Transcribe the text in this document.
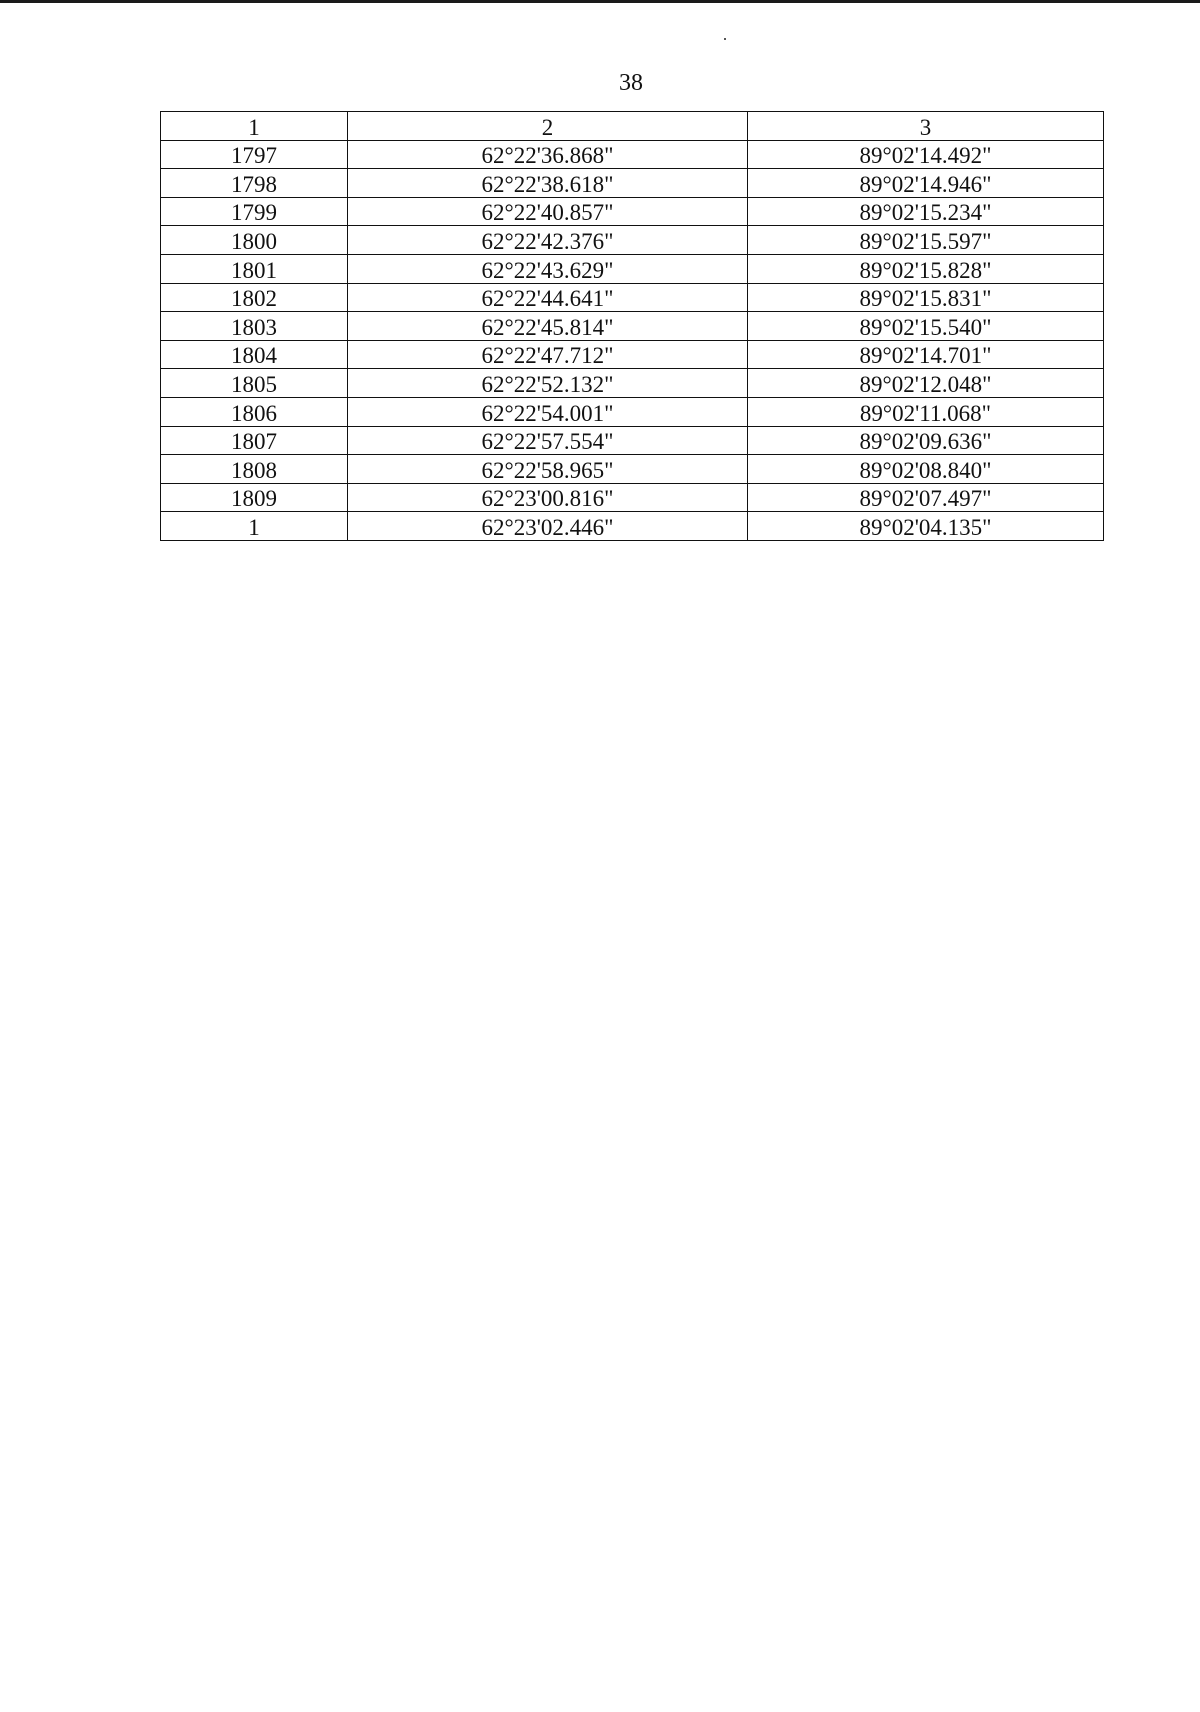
38
1	2	3
1797	62°22'36.868"	89°02'14.492"
1798	62°22'38.618"	89°02'14.946"
1799	62°22'40.857"	89°02'15.234"
1800	62°22'42.376"	89°02'15.597"
1801	62°22'43.629"	89°02'15.828"
1802	62°22'44.641"	89°02'15.831"
1803	62°22'45.814"	89°02'15.540"
1804	62°22'47.712"	89°02'14.701"
1805	62°22'52.132"	89°02'12.048"
1806	62°22'54.001"	89°02'11.068"
1807	62°22'57.554"	89°02'09.636"
1808	62°22'58.965"	89°02'08.840"
1809	62°23'00.816"	89°02'07.497"
1	62°23'02.446"	89°02'04.135"
